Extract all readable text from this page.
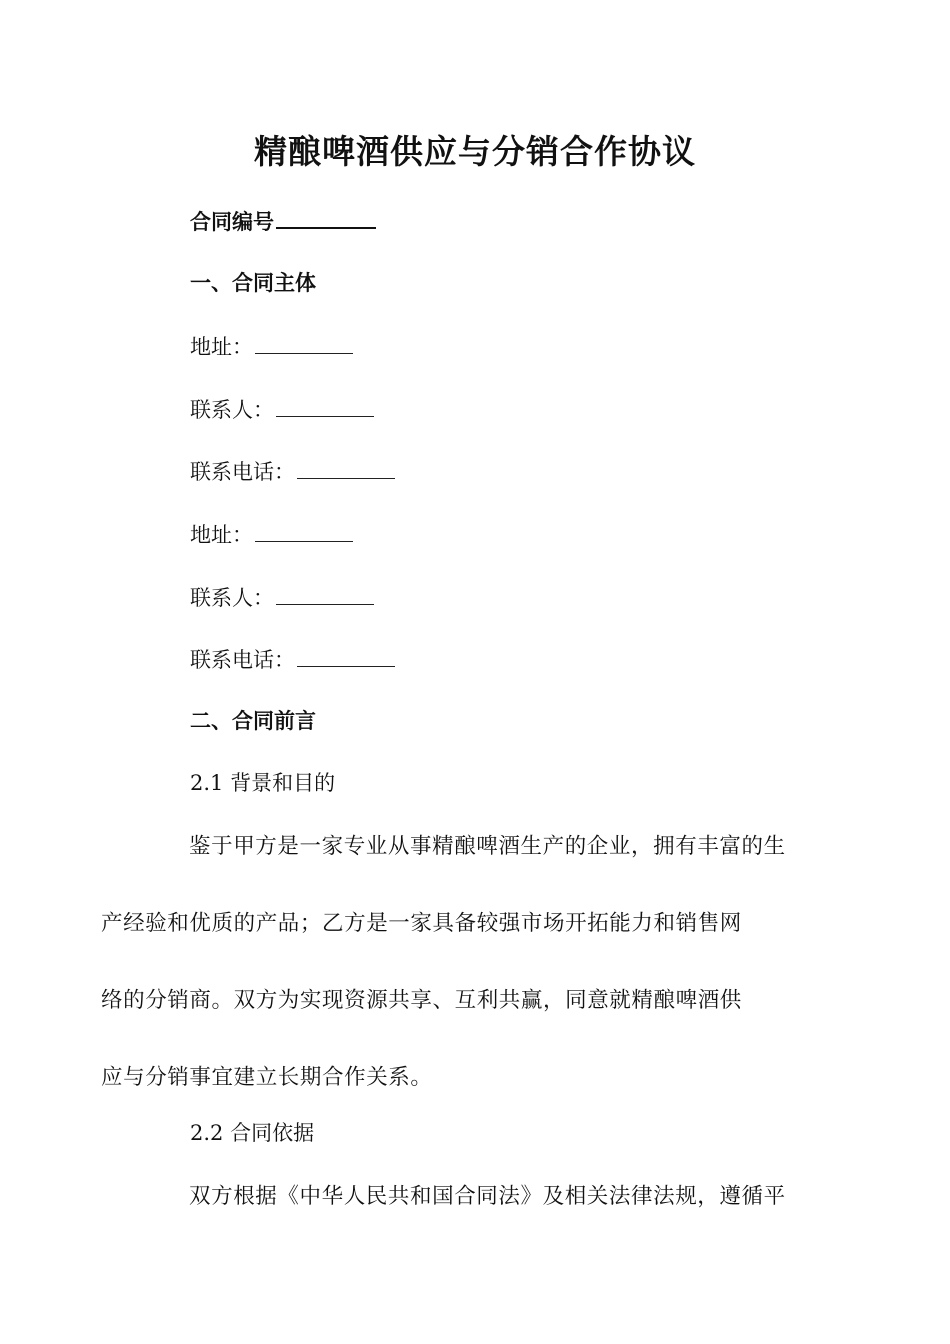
精酿啤酒供应与分销合作协议
合同编号
一、合同主体
地址：
联系人：
联系电话：
地址：
联系人：
联系电话：
二、合同前言
2.1 背景和目的
鉴于甲方是一家专业从事精酿啤酒生产的企业，拥有丰富的生
产经验和优质的产品；乙方是一家具备较强市场开拓能力和销售网
络的分销商。双方为实现资源共享、互利共赢，同意就精酿啤酒供
应与分销事宜建立长期合作关系。
2.2 合同依据
双方根据《中华人民共和国合同法》及相关法律法规，遵循平
